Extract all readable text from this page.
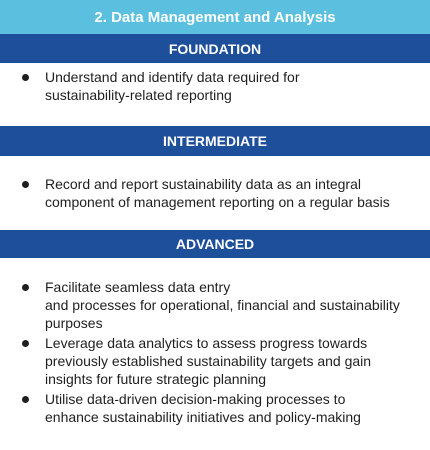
2. Data Management and Analysis
FOUNDATION
Understand and identify data required for
sustainability-related reporting
INTERMEDIATE
Record and report sustainability data as an integral
component of management reporting on a regular basis
ADVANCED
Facilitate seamless data entry
and processes for operational, financial and sustainability
purposes
Leverage data analytics to assess progress towards
previously established sustainability targets and gain
insights for future strategic planning
Utilise data-driven decision-making processes to
enhance sustainability initiatives and policy-making
